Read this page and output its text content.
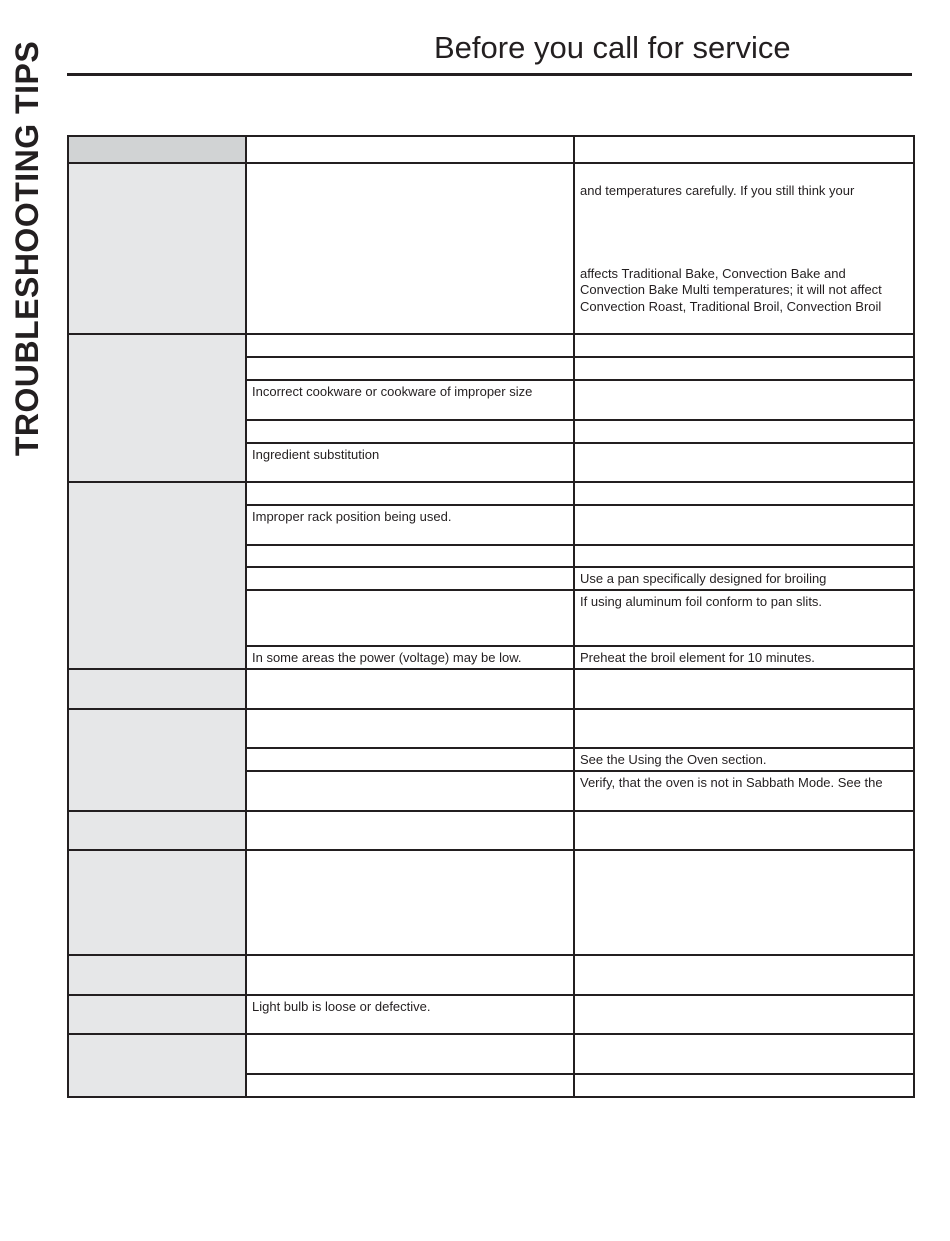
TROUBLESHOOTING TIPS	Before you call for service

		and temperatures carefully. If you still think your
affects Traditional Bake, Convection Bake and
Convection Bake Multi temperatures; it will not affect
Convection Roast, Traditional Broil, Convection Broil

	Incorrect cookware or cookware of improper size	

	Ingredient substitution	

	Improper rack position being used.	

		Use a pan specifically designed for broiling

		If using aluminum foil conform to pan slits.

	In some areas the power (voltage) may be low.	Preheat the broil element for 10 minutes.

		See the Using the Oven section.

		Verify, that the oven is not in Sabbath Mode. See the

	Light bulb is loose or defective.	
